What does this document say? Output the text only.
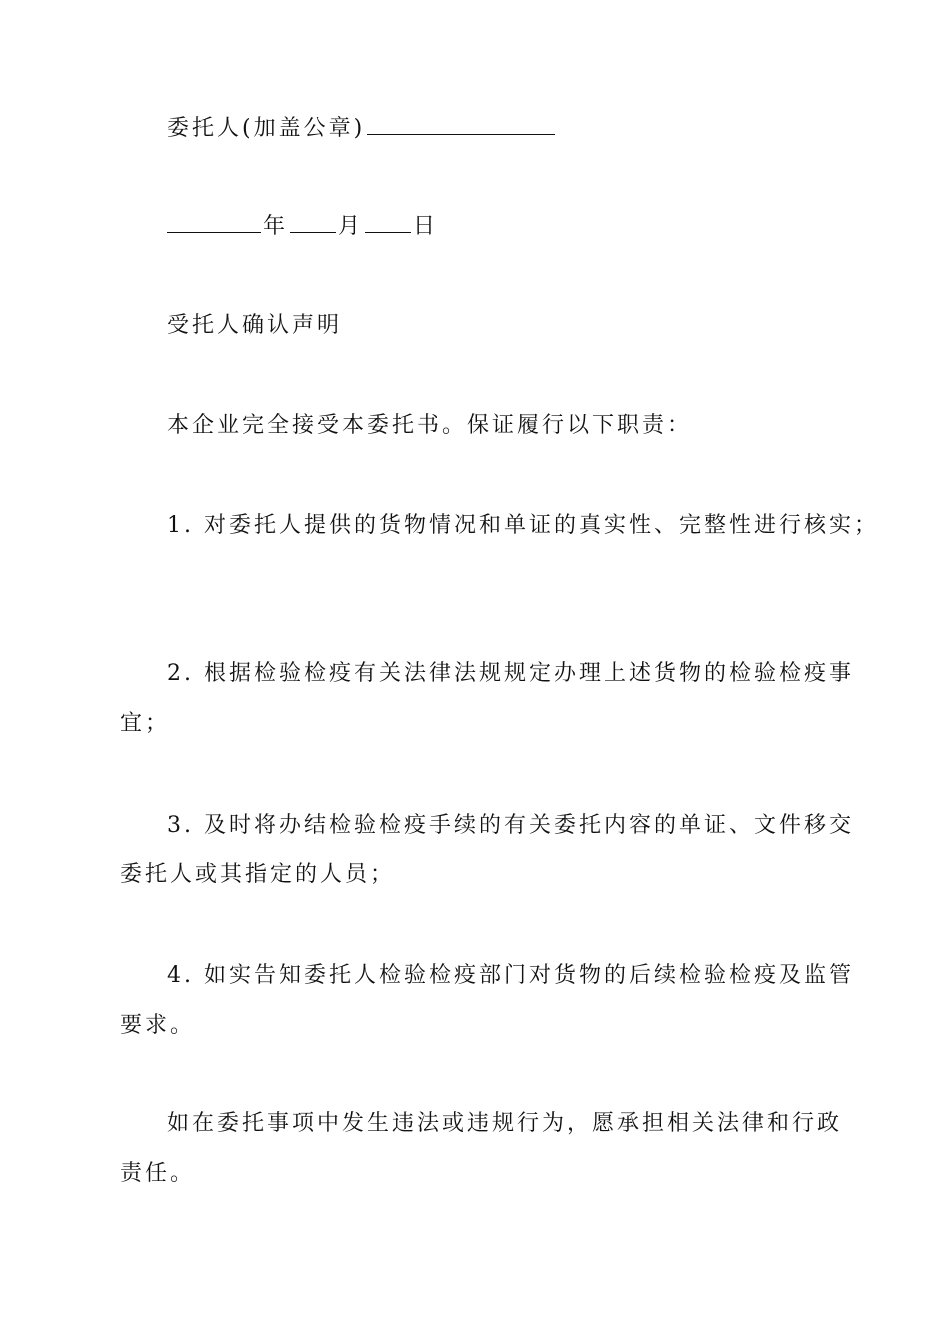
委托人(加盖公章)
年 月 日
受托人确认声明
本企业完全接受本委托书。保证履行以下职责：
1. 对委托人提供的货物情况和单证的真实性、完整性进行核实；
2. 根据检验检疫有关法律法规规定办理上述货物的检验检疫事
宜；
3. 及时将办结检验检疫手续的有关委托内容的单证、文件移交
委托人或其指定的人员；
4. 如实告知委托人检验检疫部门对货物的后续检验检疫及监管
要求。
如在委托事项中发生违法或违规行为，愿承担相关法律和行政
责任。
